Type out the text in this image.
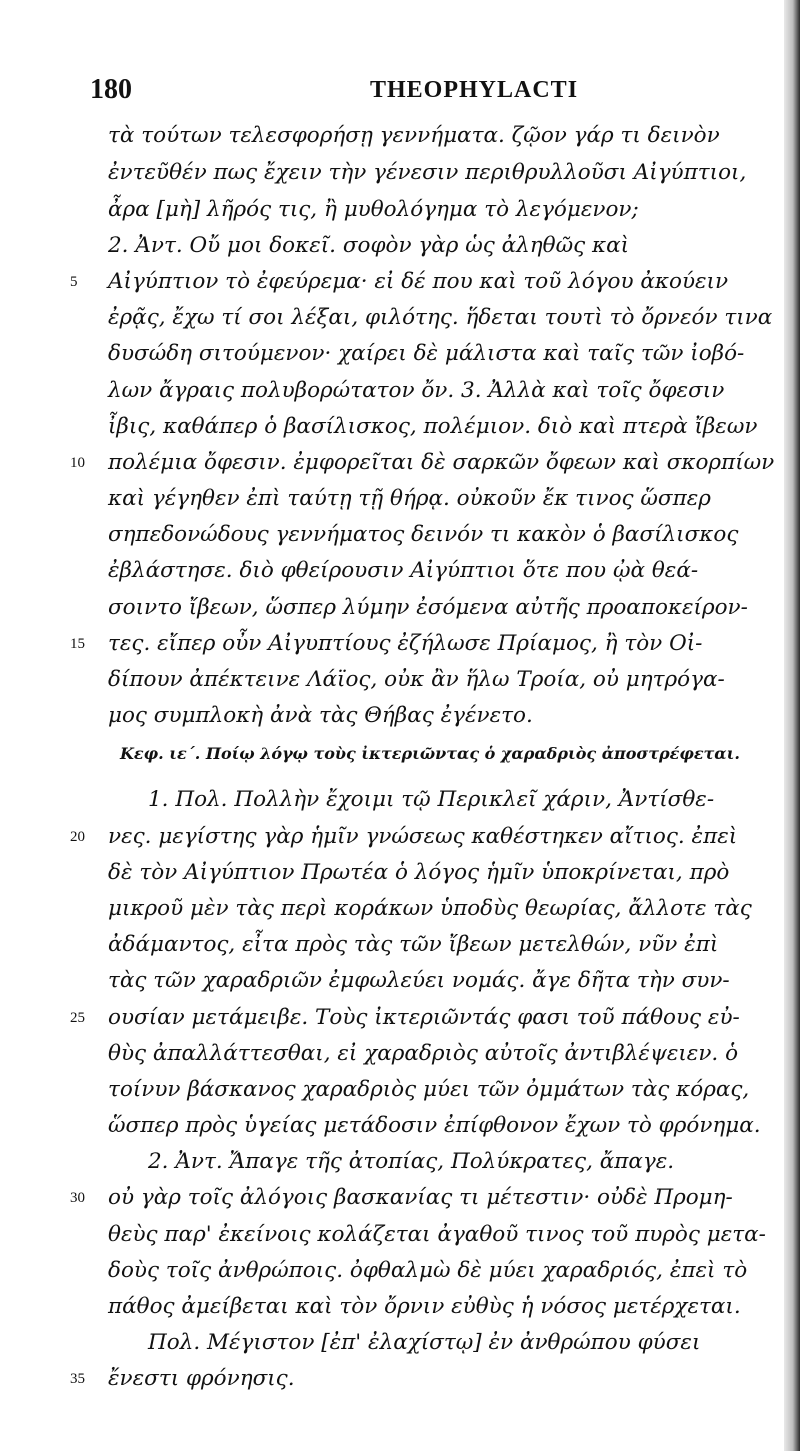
180	THEOPHYLACTI
τὰ τούτων τελεσφορήσῃ γεννήματα. ζῷον γάρ τι δεινὸν
ἐντεῦθέν πως ἔχειν τὴν γένεσιν περιθρυλλοῦσι Αἰγύπτιοι,
ἆρα [μὴ] λῆρός τις, ἢ μυθολόγημα τὸ λεγόμενον;
2. Ἀντ. Οὔ μοι δοκεῖ. σοφὸν γὰρ ὡς ἀληθῶς καὶ
5	Αἰγύπτιον τὸ ἐφεύρεμα· εἰ δέ που καὶ τοῦ λόγου ἀκούειν
ἐρᾷς, ἔχω τί σοι λέξαι, φιλότης. ἥδεται τουτὶ τὸ ὄρνεόν τινα
δυσώδη σιτούμενον· χαίρει δὲ μάλιστα καὶ ταῖς τῶν ἰοβό-
λων ἄγραις πολυβορώτατον ὄν. 3. Ἀλλὰ καὶ τοῖς ὄφεσιν
ἶβις, καθάπερ ὁ βασίλισκος, πολέμιον. διὸ καὶ πτερὰ ἴβεων
10	πολέμια ὄφεσιν. ἐμφορεῖται δὲ σαρκῶν ὄφεων καὶ σκορπίων
καὶ γέγηθεν ἐπὶ ταύτῃ τῇ θήρᾳ. οὐκοῦν ἔκ τινος ὥσπερ
σηπεδονώδους γεννήματος δεινόν τι κακὸν ὁ βασίλισκος
ἐβλάστησε. διὸ φθείρουσιν Αἰγύπτιοι ὅτε που ᾠὰ θεά-
σοιντο ἴβεων, ὥσπερ λύμην ἐσόμενα αὐτῆς προαποκείρον-
15	τες. εἴπερ οὖν Αἰγυπτίους ἐζήλωσε Πρίαμος, ἢ τὸν Οἰ-
δίπουν ἀπέκτεινε Λάϊος, οὐκ ἂν ἥλω Τροία, οὐ μητρόγα-
μος συμπλοκὴ ἀνὰ τὰς Θήβας ἐγένετο.
Κεφ. ιε΄. Ποίῳ λόγῳ τοὺς ἰκτεριῶντας ὁ χαραδριὸς ἀποστρέφεται.
1. Πολ. Πολλὴν ἔχοιμι τῷ Περικλεῖ χάριν, Ἀντίσθε-
20	νες. μεγίστης γὰρ ἡμῖν γνώσεως καθέστηκεν αἴτιος. ἐπεὶ
δὲ τὸν Αἰγύπτιον Πρωτέα ὁ λόγος ἡμῖν ὑποκρίνεται, πρὸ
μικροῦ μὲν τὰς περὶ κοράκων ὑποδὺς θεωρίας, ἄλλοτε τὰς
ἀδάμαντος, εἶτα πρὸς τὰς τῶν ἴβεων μετελθών, νῦν ἐπὶ
τὰς τῶν χαραδριῶν ἐμφωλεύει νομάς. ἄγε δῆτα τὴν συν-
25	ουσίαν μετάμειβε. Τοὺς ἰκτεριῶντάς φασι τοῦ πάθους εὐ-
θὺς ἀπαλλάττεσθαι, εἰ χαραδριὸς αὐτοῖς ἀντιβλέψειεν. ὁ
τοίνυν βάσκανος χαραδριὸς μύει τῶν ὀμμάτων τὰς κόρας,
ὥσπερ πρὸς ὑγείας μετάδοσιν ἐπίφθονον ἔχων τὸ φρόνημα.
2. Ἀντ. Ἄπαγε τῆς ἀτοπίας, Πολύκρατες, ἄπαγε.
30	οὐ γὰρ τοῖς ἀλόγοις βασκανίας τι μέτεστιν· οὐδὲ Προμη-
θεὺς παρ' ἐκείνοις κολάζεται ἀγαθοῦ τινος τοῦ πυρὸς μετα-
δοὺς τοῖς ἀνθρώποις. ὀφθαλμὼ δὲ μύει χαραδριός, ἐπεὶ τὸ
πάθος ἀμείβεται καὶ τὸν ὄρνιν εὐθὺς ἡ νόσος μετέρχεται.
Πολ. Μέγιστον [ἐπ' ἐλαχίστῳ] ἐν ἀνθρώπου φύσει
35	ἔνεστι φρόνησις.
